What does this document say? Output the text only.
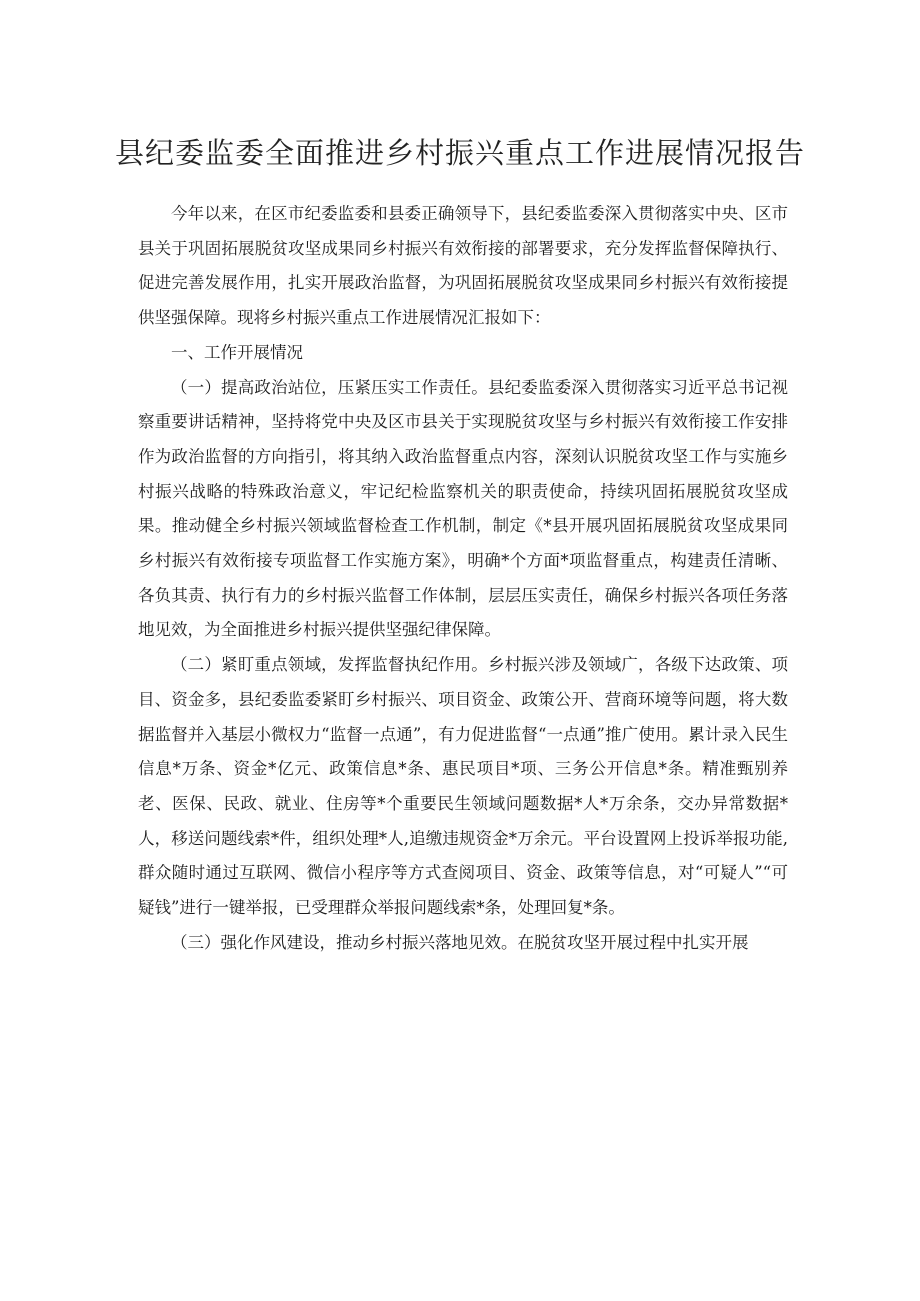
县纪委监委全面推进乡村振兴重点工作进展情况报告

今年以来，在区市纪委监委和县委正确领导下，县纪委监委深入贯彻落实中央、区市县关于巩固拓展脱贫攻坚成果同乡村振兴有效衔接的部署要求，充分发挥监督保障执行、促进完善发展作用，扎实开展政治监督，为巩固拓展脱贫攻坚成果同乡村振兴有效衔接提供坚强保障。现将乡村振兴重点工作进展情况汇报如下：

一、工作开展情况

（一）提高政治站位，压紧压实工作责任。县纪委监委深入贯彻落实习近平总书记视察重要讲话精神，坚持将党中央及区市县关于实现脱贫攻坚与乡村振兴有效衔接工作安排作为政治监督的方向指引，将其纳入政治监督重点内容，深刻认识脱贫攻坚工作与实施乡村振兴战略的特殊政治意义，牢记纪检监察机关的职责使命，持续巩固拓展脱贫攻坚成果。推动健全乡村振兴领域监督检查工作机制，制定《*县开展巩固拓展脱贫攻坚成果同乡村振兴有效衔接专项监督工作实施方案》，明确*个方面*项监督重点，构建责任清晰、各负其责、执行有力的乡村振兴监督工作体制，层层压实责任，确保乡村振兴各项任务落地见效，为全面推进乡村振兴提供坚强纪律保障。

（二）紧盯重点领域，发挥监督执纪作用。乡村振兴涉及领域广，各级下达政策、项目、资金多，县纪委监委紧盯乡村振兴、项目资金、政策公开、营商环境等问题，将大数据监督并入基层小微权力“监督一点通”，有力促进监督“一点通”推广使用。累计录入民生信息*万条、资金*亿元、政策信息*条、惠民项目*项、三务公开信息*条。精准甄别养老、医保、民政、就业、住房等*个重要民生领域问题数据*人*万余条，交办异常数据*人，移送问题线索*件，组织处理*人,追缴违规资金*万余元。平台设置网上投诉举报功能,群众随时通过互联网、微信小程序等方式查阅项目、资金、政策等信息，对“可疑人”“可疑钱”进行一键举报，已受理群众举报问题线索*条，处理回复*条。

（三）强化作风建设，推动乡村振兴落地见效。在脱贫攻坚开展过程中扎实开展
